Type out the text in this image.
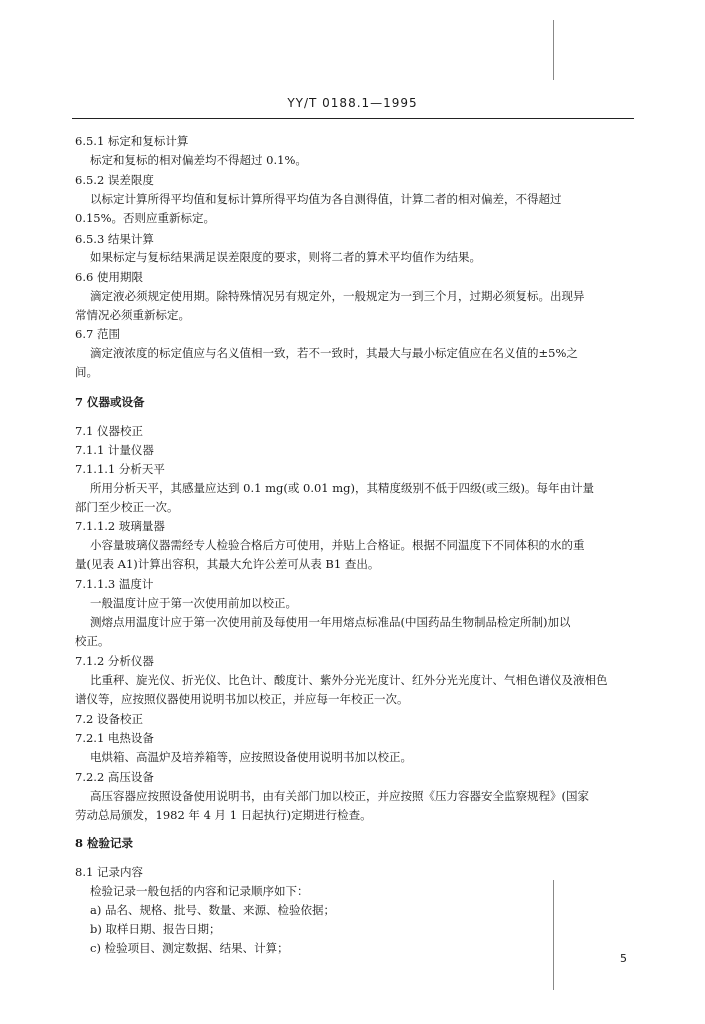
YY/T 0188.1—1995
6.5.1 标定和复标计算
标定和复标的相对偏差均不得超过 0.1%。
6.5.2 误差限度
以标定计算所得平均值和复标计算所得平均值为各自测得值，计算二者的相对偏差，不得超过
0.15%。否则应重新标定。
6.5.3 结果计算
如果标定与复标结果满足误差限度的要求，则将二者的算术平均值作为结果。
6.6 使用期限
滴定液必须规定使用期。除特殊情况另有规定外，一般规定为一到三个月，过期必须复标。出现异
常情况必须重新标定。
6.7 范围
滴定液浓度的标定值应与名义值相一致，若不一致时，其最大与最小标定值应在名义值的±5%之
间。
7 仪器或设备
7.1 仪器校正
7.1.1 计量仪器
7.1.1.1 分析天平
所用分析天平，其感量应达到 0.1 mg(或 0.01 mg)，其精度级别不低于四级(或三级)。每年由计量
部门至少校正一次。
7.1.1.2 玻璃量器
小容量玻璃仪器需经专人检验合格后方可使用，并贴上合格证。根据不同温度下不同体积的水的重
量(见表 A1)计算出容积，其最大允许公差可从表 B1 查出。
7.1.1.3 温度计
一般温度计应于第一次使用前加以校正。
测熔点用温度计应于第一次使用前及每使用一年用熔点标准品(中国药品生物制品检定所制)加以
校正。
7.1.2 分析仪器
比重秤、旋光仪、折光仪、比色计、酸度计、紫外分光光度计、红外分光光度计、气相色谱仪及液相色
谱仪等，应按照仪器使用说明书加以校正，并应每一年校正一次。
7.2 设备校正
7.2.1 电热设备
电烘箱、高温炉及培养箱等，应按照设备使用说明书加以校正。
7.2.2 高压设备
高压容器应按照设备使用说明书，由有关部门加以校正，并应按照《压力容器安全监察规程》(国家
劳动总局颁发，1982 年 4 月 1 日起执行)定期进行检查。
8 检验记录
8.1 记录内容
检验记录一般包括的内容和记录顺序如下：
a) 品名、规格、批号、数量、来源、检验依据；
b) 取样日期、报告日期；
c) 检验项目、测定数据、结果、计算；
5
